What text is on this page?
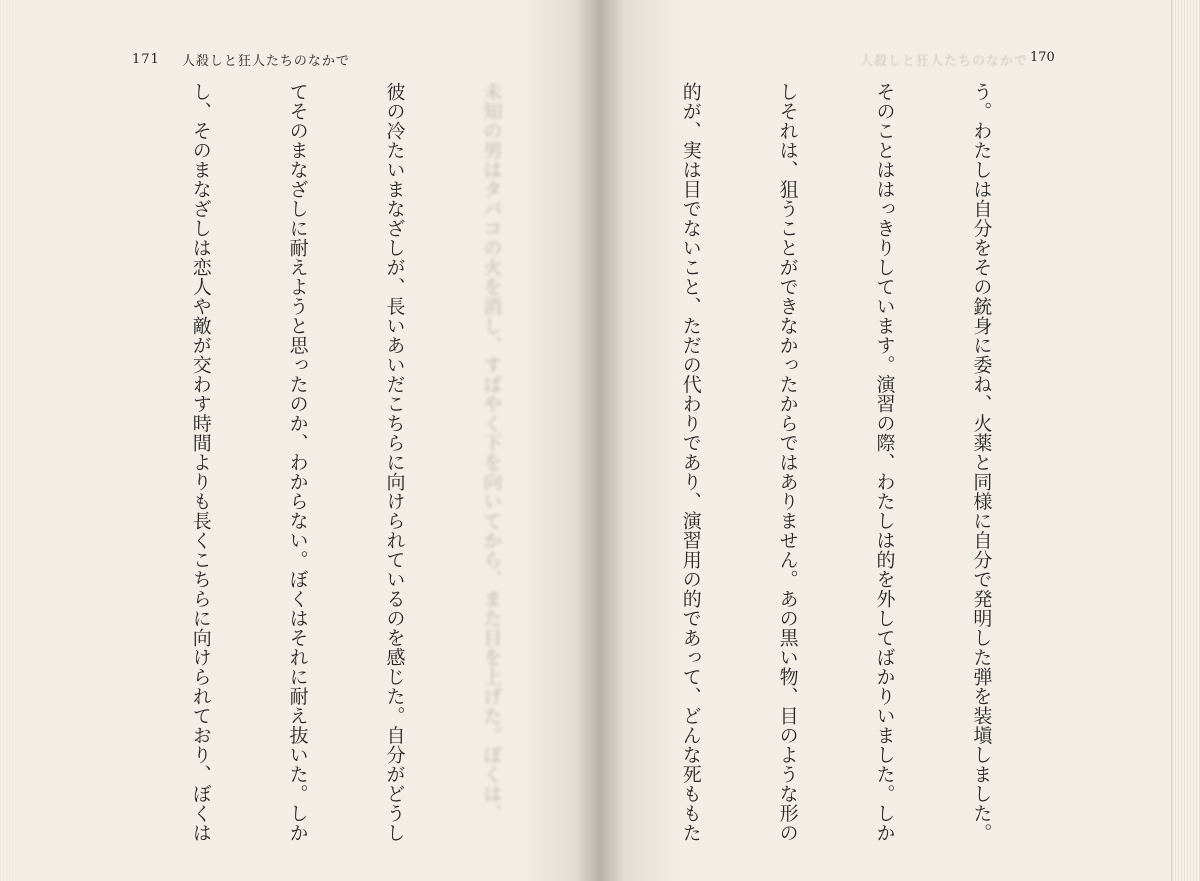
171 人殺しと狂人たちのなかで	人殺しと狂人たちのなかで 170

う。わたしは自分をその銃身に委ね、火薬と同様に自分で発明した弾を装塡しました。

そのことははっきりしています。演習の際、わたしは的を外してばかりいました。しか

しそれは、狙うことができなかったからではありません。あの黒い物、目のような形の

的が、実は目でないこと、ただの代わりであり、演習用の的であって、どんな死ももた

未知の男はタバコの火を消し、すばやく下を向いてから、また目を上げた。ぼくは、

彼の冷たいまなざしが、長いあいだこちらに向けられているのを感じた。自分がどうし

てそのまなざしに耐えようと思ったのか、わからない。ぼくはそれに耐え抜いた。しか

し、そのまなざしは恋人や敵が交わす時間よりも長くこちらに向けられており、ぼくは
